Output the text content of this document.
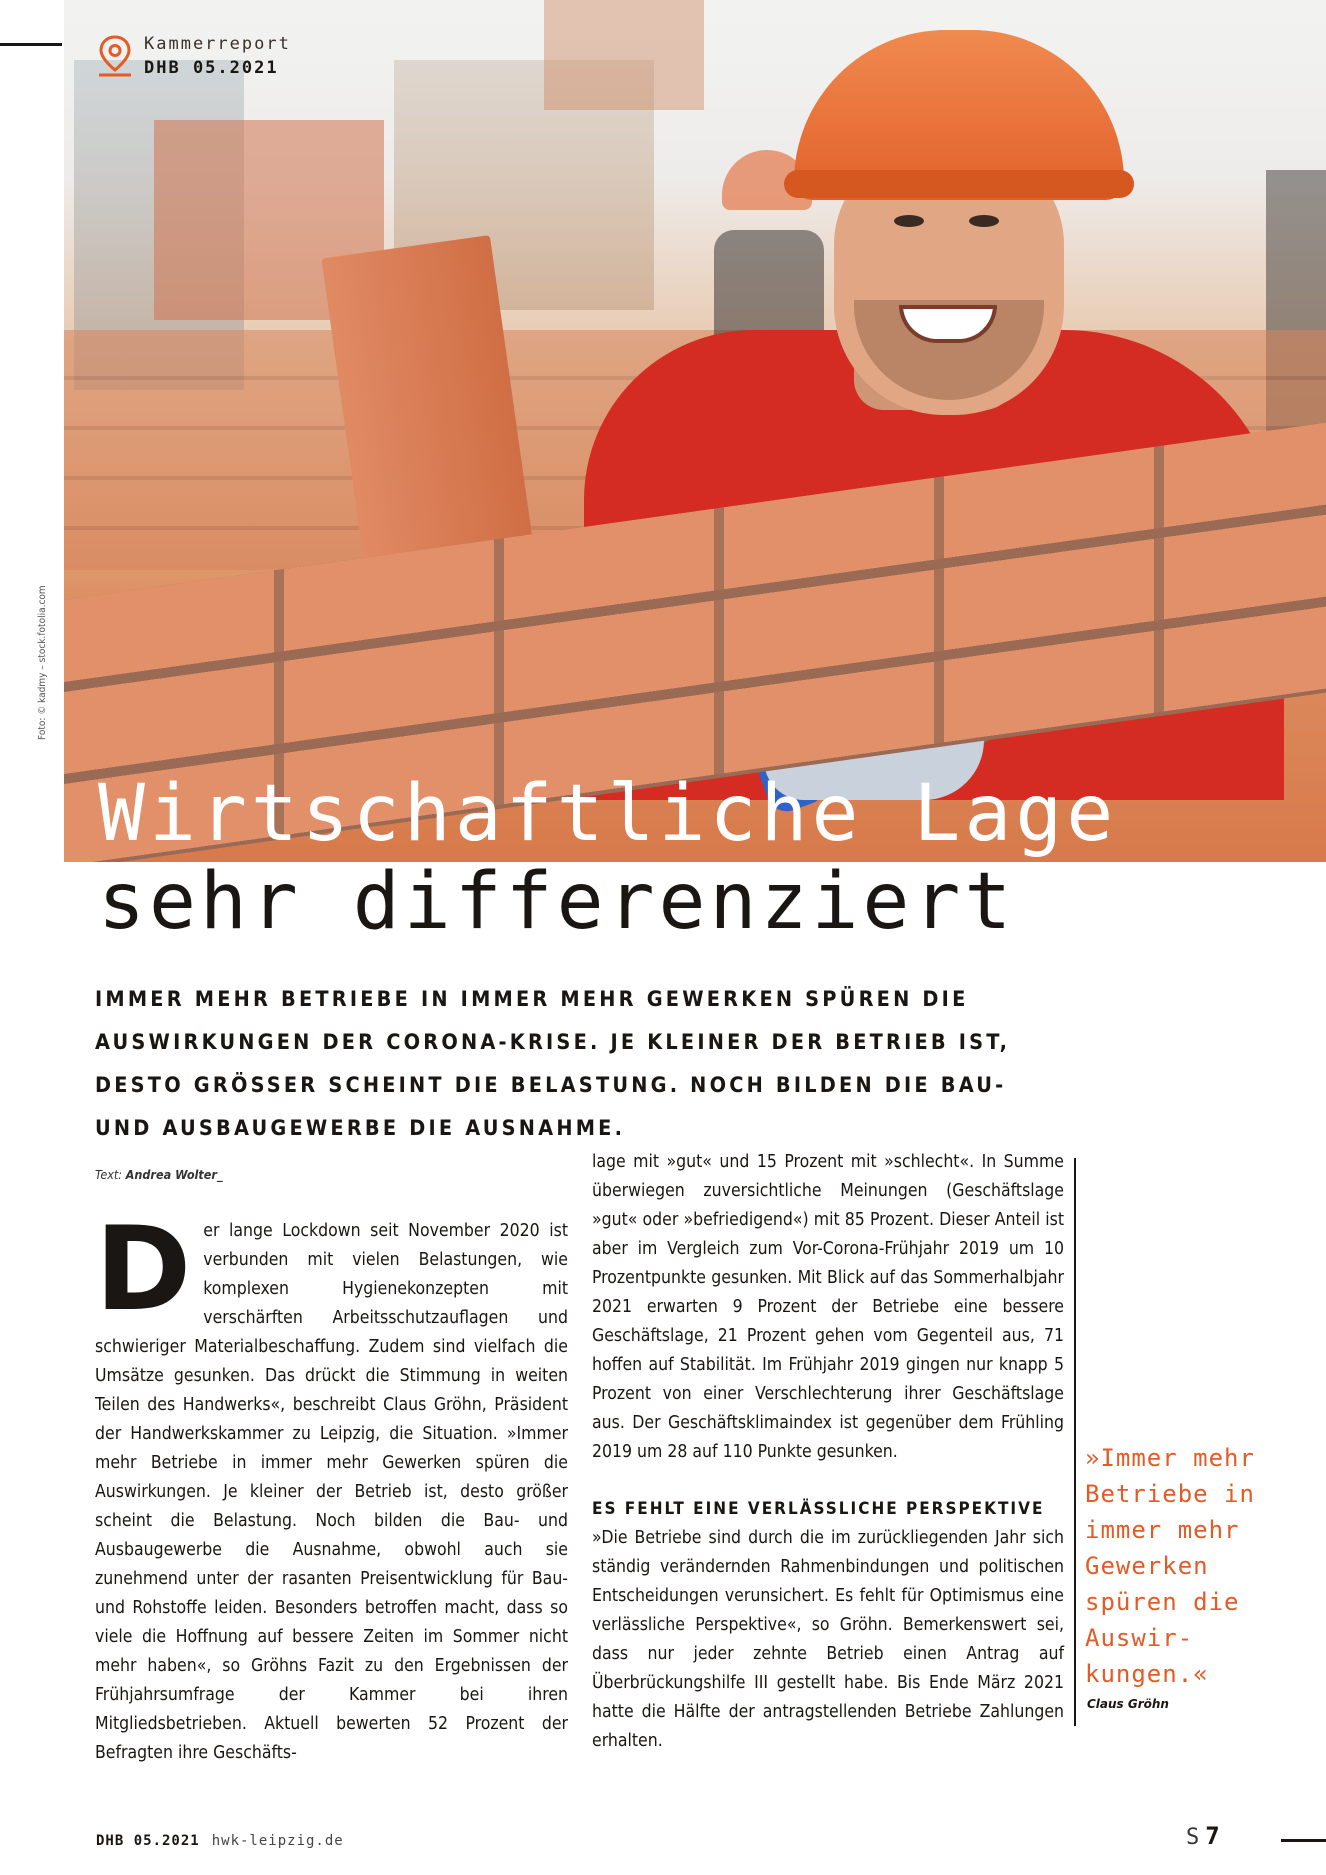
Kammerreport
DHB 05.2021
Foto: © kadmy – stock.fotolia.com
Wirtschaftliche Lage
sehr differenziert

IMMER MEHR BETRIEBE IN IMMER MEHR GEWERKEN SPÜREN DIE AUSWIRKUNGEN DER CORONA-KRISE. JE KLEINER DER BETRIEB IST, DESTO GRÖSSER SCHEINT DIE BELASTUNG. NOCH BILDEN DIE BAU- UND AUSBAUGEWERBE DIE AUSNAHME.

Text: Andrea Wolter_

Der lange Lockdown seit November 2020 ist verbunden mit vielen Belastungen, wie komplexen Hygienekonzepten mit verschärften Arbeitsschutzauflagen und schwieriger Materialbeschaffung. Zudem sind vielfach die Umsätze gesunken. Das drückt die Stimmung in weiten Teilen des Handwerks«, beschreibt Claus Gröhn, Präsident der Handwerkskammer zu Leipzig, die Situation. »Immer mehr Betriebe in immer mehr Gewerken spüren die Auswirkungen. Je kleiner der Betrieb ist, desto größer scheint die Belastung. Noch bilden die Bau- und Ausbaugewerbe die Ausnahme, obwohl auch sie zunehmend unter der rasanten Preisentwicklung für Bau- und Rohstoffe leiden. Besonders betroffen macht, dass so viele die Hoffnung auf bessere Zeiten im Sommer nicht mehr haben«, so Gröhns Fazit zu den Ergebnissen der Frühjahrsumfrage der Kammer bei ihren Mitgliedsbetrieben. Aktuell bewerten 52 Prozent der Befragten ihre Geschäfts-

lage mit »gut« und 15 Prozent mit »schlecht«. In Summe überwiegen zuversichtliche Meinungen (Geschäftslage »gut« oder »befriedigend«) mit 85 Prozent. Dieser Anteil ist aber im Vergleich zum Vor-Corona-Frühjahr 2019 um 10 Prozentpunkte gesunken. Mit Blick auf das Sommerhalbjahr 2021 erwarten 9 Prozent der Betriebe eine bessere Geschäftslage, 21 Prozent gehen vom Gegenteil aus, 71 hoffen auf Stabilität. Im Frühjahr 2019 gingen nur knapp 5 Prozent von einer Verschlechterung ihrer Geschäftslage aus. Der Geschäftsklimaindex ist gegenüber dem Frühling 2019 um 28 auf 110 Punkte gesunken.

ES FEHLT EINE VERLÄSSLICHE PERSPEKTIVE

»Die Betriebe sind durch die im zurückliegenden Jahr sich ständig verändernden Rahmenbindungen und politischen Entscheidungen verunsichert. Es fehlt für Optimismus eine verlässliche Perspektive«, so Gröhn. Bemerkenswert sei, dass nur jeder zehnte Betrieb einen Antrag auf Überbrückungshilfe III gestellt habe. Bis Ende März 2021 hatte die Hälfte der antragstellenden Betriebe Zahlungen erhalten.

»Immer mehr Betriebe in immer mehr Gewerken spüren die Auswir-kungen.«

Claus Gröhn
DHB 05.2021 hwk-leipzig.de	S 7
